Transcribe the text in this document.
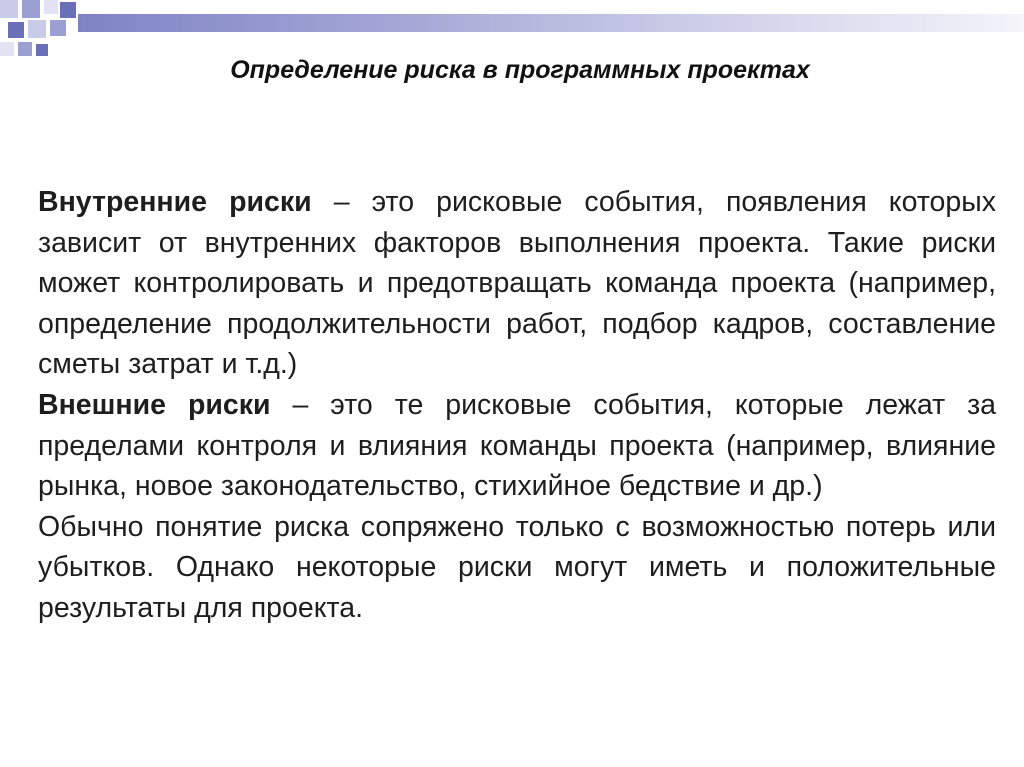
Определение риска в программных проектах

Внутренние риски – это рисковые события, появления которых зависит от внутренних факторов выполнения проекта. Такие риски может контролировать и предотвращать команда проекта (например, определение продолжительности работ, подбор кадров, составление сметы затрат и т.д.)

Внешние риски – это те рисковые события, которые лежат за пределами контроля и влияния команды проекта (например, влияние рынка, новое законодательство, стихийное бедствие и др.)

Обычно понятие риска сопряжено только с возможностью потерь или убытков. Однако некоторые риски могут иметь и положительные результаты для проекта.
